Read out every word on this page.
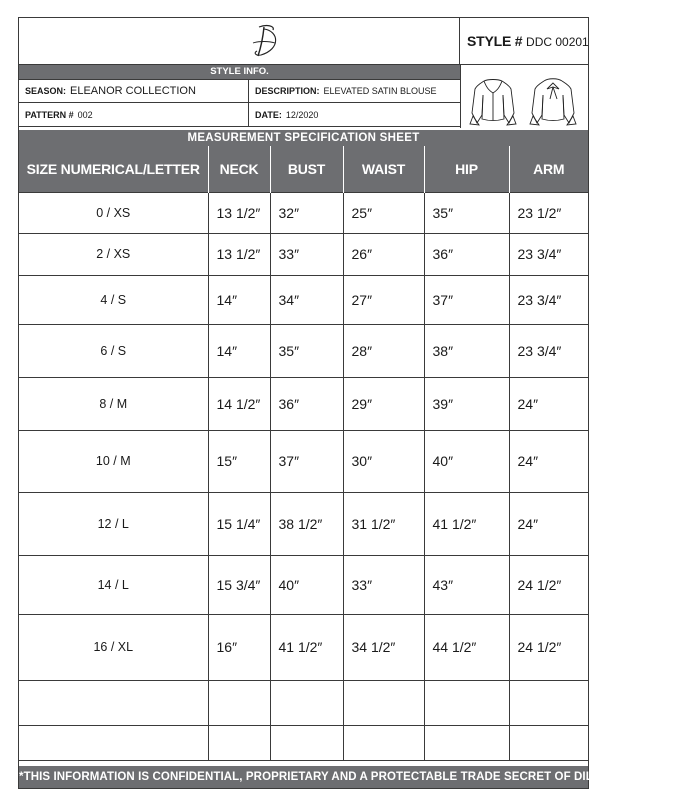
STYLE # DDC 00201
STYLE INFO.
SEASON: ELEANOR COLLECTION	DESCRIPTION: ELEVATED SATIN BLOUSE
PATTERN # 002	DATE: 12/2020
MEASUREMENT SPECIFICATION SHEET
SIZE NUMERICAL/LETTER	NECK	BUST	WAIST	HIP	ARM
0 / XS	13 1/2″	32″	25″	35″	23 1/2″
2 / XS	13 1/2″	33″	26″	36″	23 3/4″
4 / S	14″	34″	27″	37″	23 3/4″
6 / S	14″	35″	28″	38″	23 3/4″
8 / M	14 1/2″	36″	29″	39″	24″
10 / M	15″	37″	30″	40″	24″
12 / L	15 1/4″	38 1/2″	31 1/2″	41 1/2″	24″
14 / L	15 3/4″	40″	33″	43″	24 1/2″
16 / XL	16″	41 1/2″	34 1/2″	44 1/2″	24 1/2″

*THIS INFORMATION IS CONFIDENTIAL, PROPRIETARY AND A PROTECTABLE TRADE SECRET OF DILA DESIGNS.CO*
